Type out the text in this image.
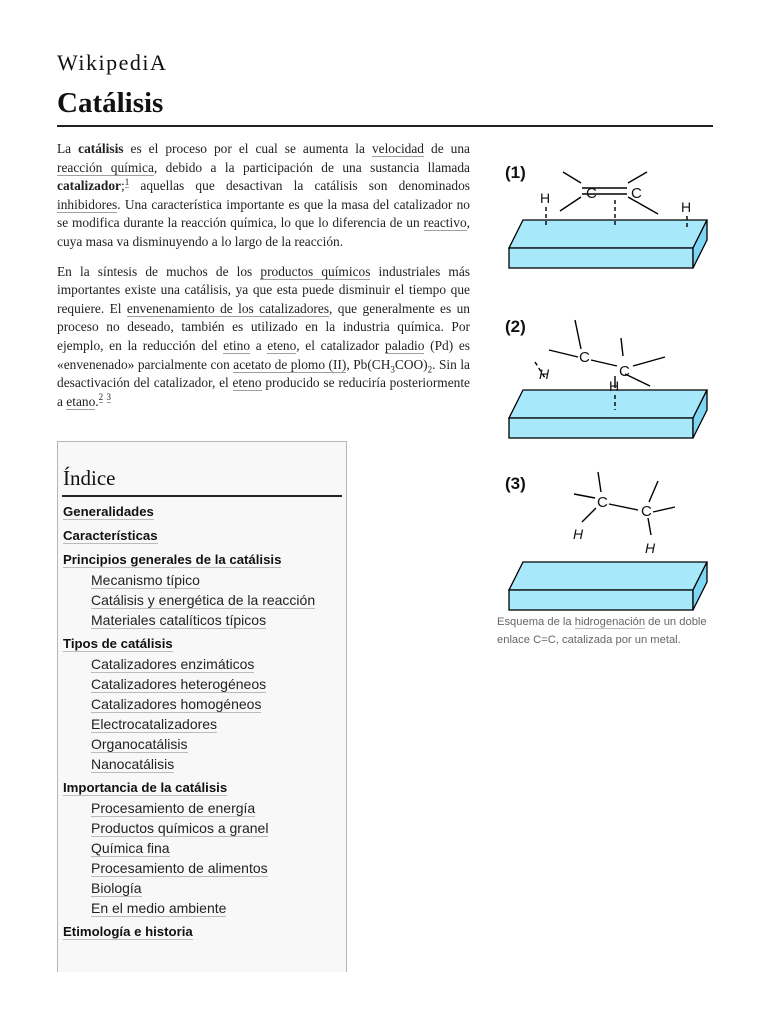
WikipediA
Catálisis

La catálisis es el proceso por el cual se aumenta la velocidad de una reacción química, debido a la participación de una sustancia llamada catalizador;$^1$ aquellas que desactivan la catálisis son denominados inhibidores. Una característica importante es que la masa del catalizador no se modifica durante la reacción química, lo que lo diferencia de un reactivo, cuya masa va disminuyendo a lo largo de la reacción.

En la síntesis de muchos de los productos químicos industriales más importantes existe una catálisis, ya que esta puede disminuir el tiempo que requiere. El envenenamiento de los catalizadores, que generalmente es un proceso no deseado, también es utilizado en la industria química. Por ejemplo, en la reducción del etino a eteno, el catalizador paladio (Pd) es «envenenado» parcialmente con acetato de plomo (II), $Pb(CH_3COO)_2$. Sin la desactivación del catalizador, el eteno producido se reduciría posteriormente a etano.$^2$ $^3$

Índice
Generalidades
Características
Principios generales de la catálisis
Mecanismo típico
Catálisis y energética de la reacción
Materiales catalíticos típicos
Tipos de catálisis
Catalizadores enzimáticos
Catalizadores heterogéneos
Catalizadores homogéneos
Electrocatalizadores
Organocatálisis
Nanocatálisis
Importancia de la catálisis
Procesamiento de energía
Productos químicos a granel
Química fina
Procesamiento de alimentos
Biología
En el medio ambiente
Etimología e historia
(1)
C C
H
H
(2)
C
C
H
H
(3)
C
C
H
H
Esquema de la hidrogenación de un doble enlace C=C, catalizada por un metal.
